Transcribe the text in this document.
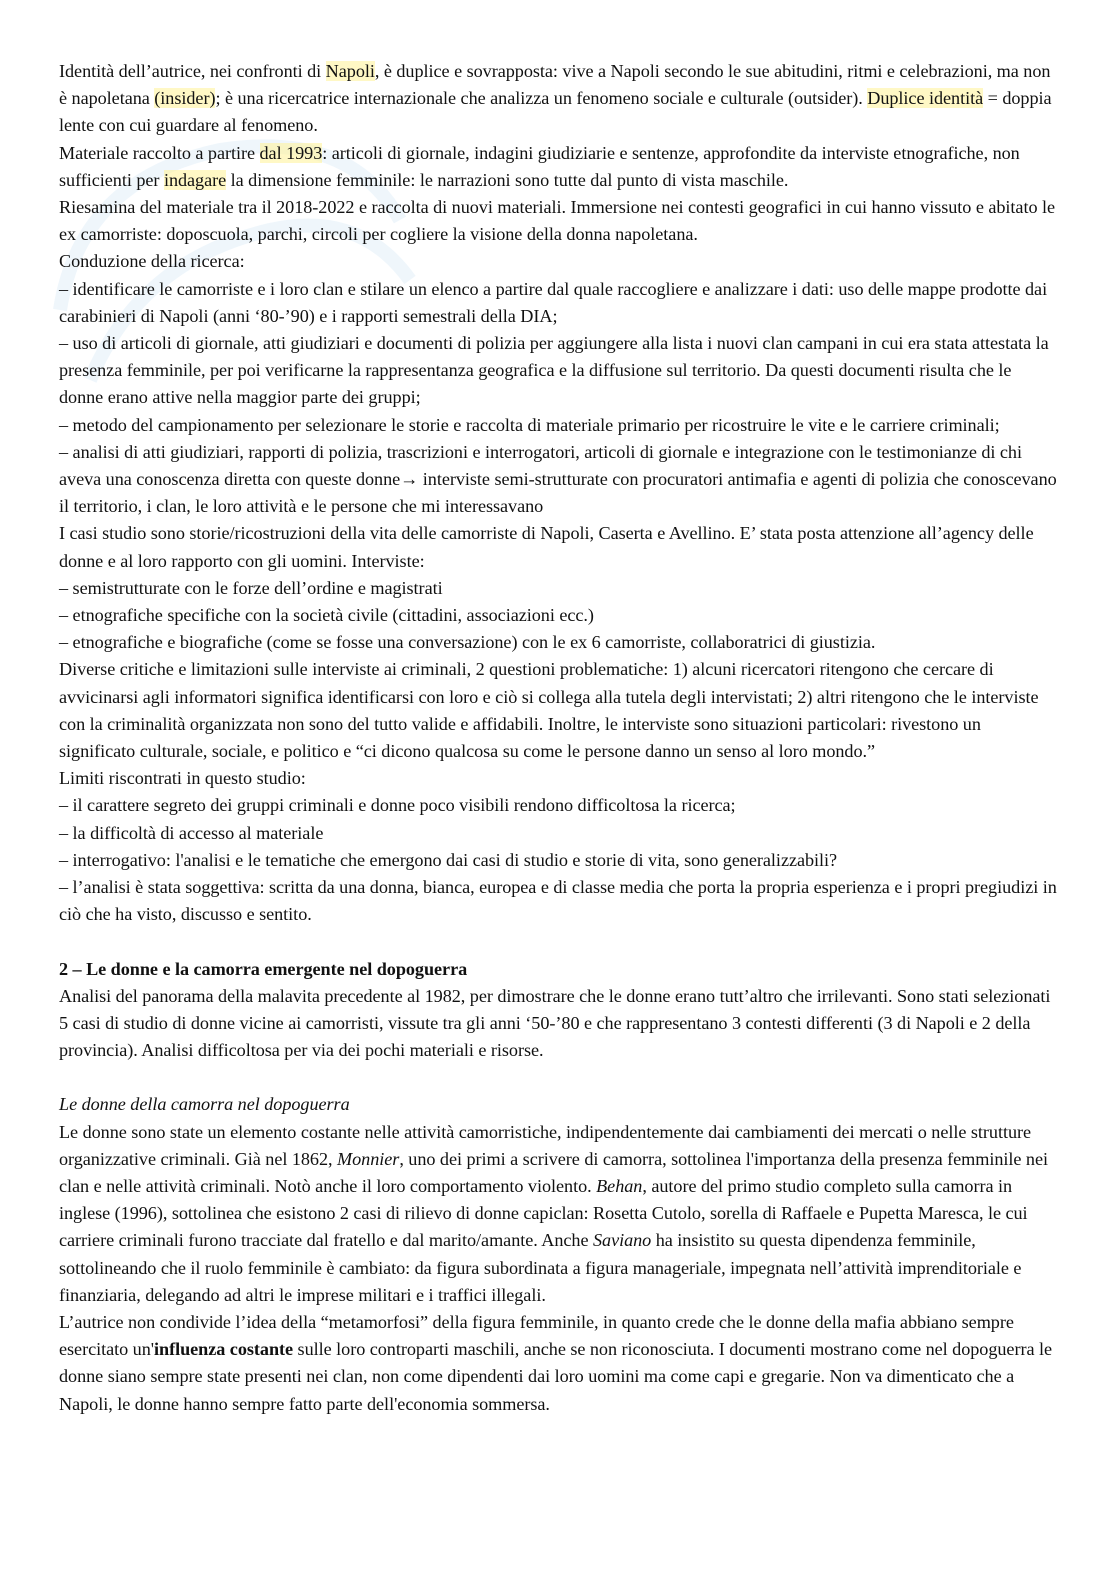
Identità dell’autrice, nei confronti di Napoli, è duplice e sovrapposta: vive a Napoli secondo le sue abitudini, ritmi e celebrazioni, ma non è napoletana (insider); è una ricercatrice internazionale che analizza un fenomeno sociale e culturale (outsider). Duplice identità = doppia lente con cui guardare al fenomeno.

Materiale raccolto a partire dal 1993: articoli di giornale, indagini giudiziarie e sentenze, approfondite da interviste etnografiche, non sufficienti per indagare la dimensione femminile: le narrazioni sono tutte dal punto di vista maschile.

Riesamina del materiale tra il 2018-2022 e raccolta di nuovi materiali. Immersione nei contesti geografici in cui hanno vissuto e abitato le ex camorriste: doposcuola, parchi, circoli per cogliere la visione della donna napoletana.

Conduzione della ricerca:

– identificare le camorriste e i loro clan e stilare un elenco a partire dal quale raccogliere e analizzare i dati: uso delle mappe prodotte dai carabinieri di Napoli (anni ‘80-’90) e i rapporti semestrali della DIA;

– uso di articoli di giornale, atti giudiziari e documenti di polizia per aggiungere alla lista i nuovi clan campani in cui era stata attestata la presenza femminile, per poi verificarne la rappresentanza geografica e la diffusione sul territorio. Da questi documenti risulta che le donne erano attive nella maggior parte dei gruppi;

– metodo del campionamento per selezionare le storie e raccolta di materiale primario per ricostruire le vite e le carriere criminali;

– analisi di atti giudiziari, rapporti di polizia, trascrizioni e interrogatori, articoli di giornale e integrazione con le testimonianze di chi aveva una conoscenza diretta con queste donne→ interviste semi-strutturate con procuratori antimafia e agenti di polizia che conoscevano il territorio, i clan, le loro attività e le persone che mi interessavano

I casi studio sono storie/ricostruzioni della vita delle camorriste di Napoli, Caserta e Avellino. E’ stata posta attenzione all’agency delle donne e al loro rapporto con gli uomini. Interviste:

– semistrutturate con le forze dell’ordine e magistrati

– etnografiche specifiche con la società civile (cittadini, associazioni ecc.)

– etnografiche e biografiche (come se fosse una conversazione) con le ex 6 camorriste, collaboratrici di giustizia.

Diverse critiche e limitazioni sulle interviste ai criminali, 2 questioni problematiche: 1) alcuni ricercatori ritengono che cercare di avvicinarsi agli informatori significa identificarsi con loro e ciò si collega alla tutela degli intervistati; 2) altri ritengono che le interviste con la criminalità organizzata non sono del tutto valide e affidabili. Inoltre, le interviste sono situazioni particolari: rivestono un significato culturale, sociale, e politico e “ci dicono qualcosa su come le persone danno un senso al loro mondo.”

Limiti riscontrati in questo studio:

– il carattere segreto dei gruppi criminali e donne poco visibili rendono difficoltosa la ricerca;

– la difficoltà di accesso al materiale

– interrogativo: l'analisi e le tematiche che emergono dai casi di studio e storie di vita, sono generalizzabili?

– l’analisi è stata soggettiva: scritta da una donna, bianca, europea e di classe media che porta la propria esperienza e i propri pregiudizi in ciò che ha visto, discusso e sentito.

2 – Le donne e la camorra emergente nel dopoguerra

Analisi del panorama della malavita precedente al 1982, per dimostrare che le donne erano tutt’altro che irrilevanti. Sono stati selezionati 5 casi di studio di donne vicine ai camorristi, vissute tra gli anni ‘50-’80 e che rappresentano 3 contesti differenti (3 di Napoli e 2 della provincia). Analisi difficoltosa per via dei pochi materiali e risorse.

Le donne della camorra nel dopoguerra

Le donne sono state un elemento costante nelle attività camorristiche, indipendentemente dai cambiamenti dei mercati o nelle strutture organizzative criminali. Già nel 1862, Monnier, uno dei primi a scrivere di camorra, sottolinea l'importanza della presenza femminile nei clan e nelle attività criminali. Notò anche il loro comportamento violento. Behan, autore del primo studio completo sulla camorra in inglese (1996), sottolinea che esistono 2 casi di rilievo di donne capiclan: Rosetta Cutolo, sorella di Raffaele e Pupetta Maresca, le cui carriere criminali furono tracciate dal fratello e dal marito/amante. Anche Saviano ha insistito su questa dipendenza femminile, sottolineando che il ruolo femminile è cambiato: da figura subordinata a figura manageriale, impegnata nell’attività imprenditoriale e finanziaria, delegando ad altri le imprese militari e i traffici illegali.

L’autrice non condivide l’idea della “metamorfosi” della figura femminile, in quanto crede che le donne della mafia abbiano sempre esercitato un'influenza costante sulle loro controparti maschili, anche se non riconosciuta. I documenti mostrano come nel dopoguerra le donne siano sempre state presenti nei clan, non come dipendenti dai loro uomini ma come capi e gregarie. Non va dimenticato che a Napoli, le donne hanno sempre fatto parte dell'economia sommersa.
